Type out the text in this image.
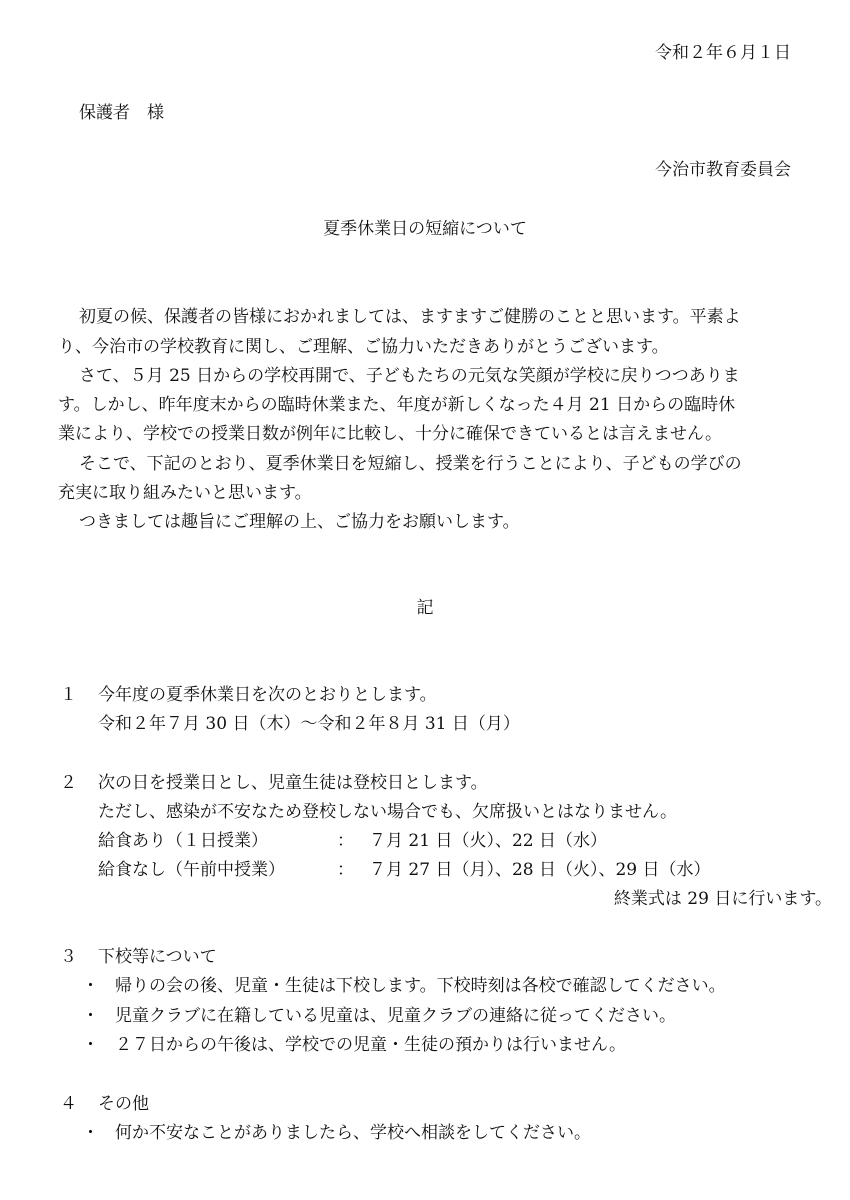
令和２年６月１日
保護者　様
今治市教育委員会
夏季休業日の短縮について
初夏の候、保護者の皆様におかれましては、ますますご健勝のことと思います。平素よ
り、今治市の学校教育に関し、ご理解、ご協力いただきありがとうございます。
さて、５月 25 日からの学校再開で、子どもたちの元気な笑顔が学校に戻りつつありま
す。しかし、昨年度末からの臨時休業また、年度が新しくなった４月 21 日からの臨時休
業により、学校での授業日数が例年に比較し、十分に確保できているとは言えません。
そこで、下記のとおり、夏季休業日を短縮し、授業を行うことにより、子どもの学びの
充実に取り組みたいと思います。
つきましては趣旨にご理解の上、ご協力をお願いします。
記
１ 今年度の夏季休業日を次のとおりとします。
令和２年７月 30 日（木）～令和２年８月 31 日（月）
２ 次の日を授業日とし、児童生徒は登校日とします。
ただし、感染が不安なため登校しない場合でも、欠席扱いとはなりません。
給食あり（１日授業）	： ７月 21 日（火）、22 日（水）
給食なし（午前中授業）	： ７月 27 日（月）、28 日（火）、29 日（水）
終業式は 29 日に行います。
３ 下校等について
・ 帰りの会の後、児童・生徒は下校します。下校時刻は各校で確認してください。
・ 児童クラブに在籍している児童は、児童クラブの連絡に従ってください。
・ ２７日からの午後は、学校での児童・生徒の預かりは行いません。
４ その他
・ 何か不安なことがありましたら、学校へ相談をしてください。
